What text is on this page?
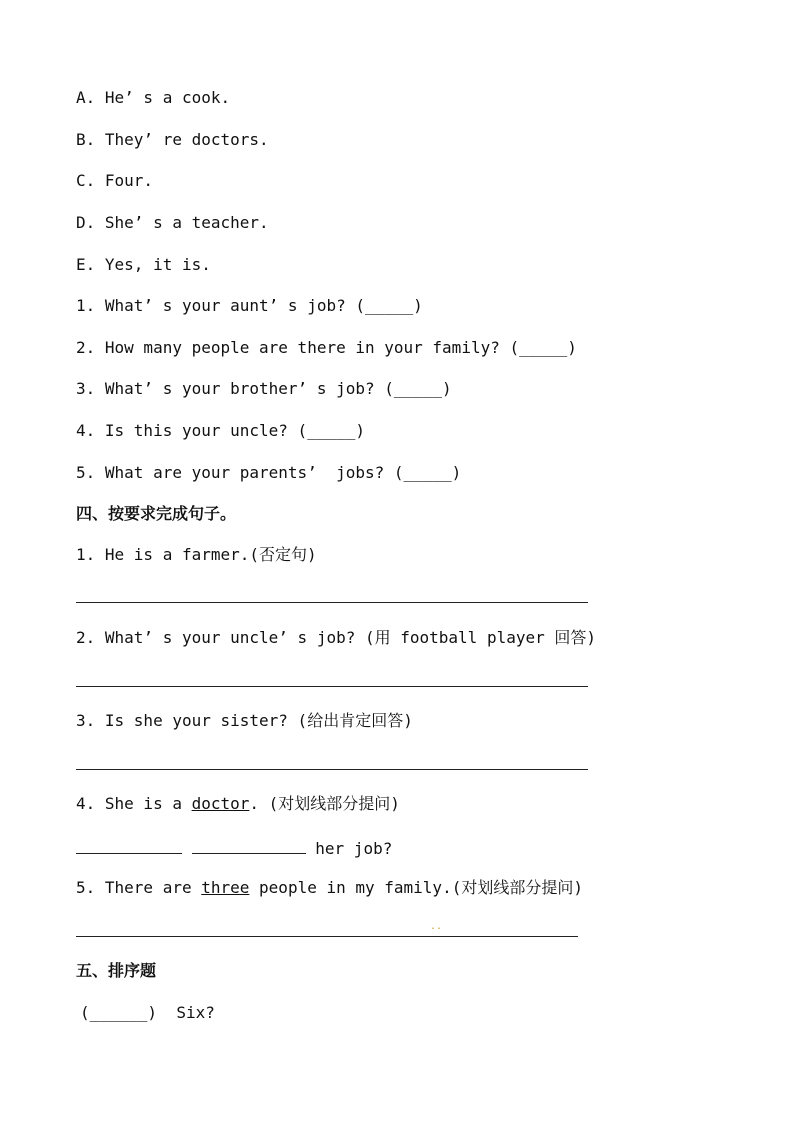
A. He’ s a cook.
B. They’ re doctors.
C. Four.
D. She’ s a teacher.
E. Yes, it is.
1. What’ s your aunt’ s job? (_____)
2. How many people are there in your family? (_____)
3. What’ s your brother’ s job? (_____)
4. Is this your uncle? (_____)
5. What are your parents’  jobs? (_____)
四、按要求完成句子。
1. He is a farmer.(否定句)
2. What’ s your uncle’ s job? (用 football player 回答)
3. Is she your sister? (给出肯定回答)
4. She is a doctor. (对划线部分提问)
her job?
5. There are three people in my family.(对划线部分提问)
..
五、排序题
(______)  Six?
